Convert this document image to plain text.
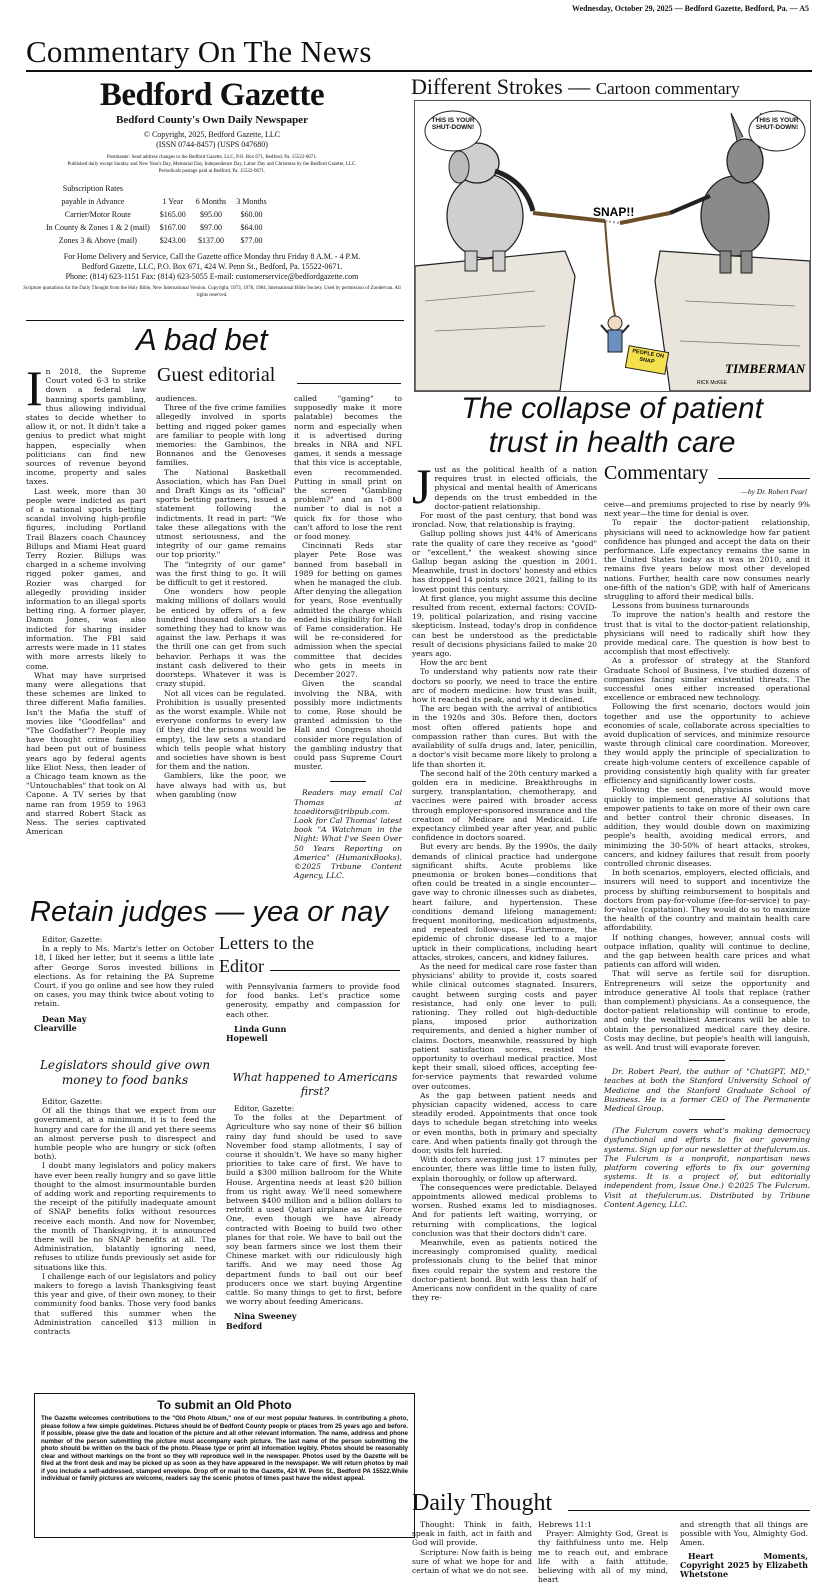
Wednesday, October 29, 2025 — Bedford Gazette, Bedford, Pa. — A5
Commentary On The News
Bedford Gazette
Bedford County's Own Daily Newspaper
© Copyright, 2025, Bedford Gazette, LLC
(ISSN 0744-8457) (USPS 047680)
Postmaster: Send address changes to the Bedford Gazette, LLC, P.O. Box 671, Bedford, Pa. 15522-0671.
Published daily except Sunday and New Year's Day, Memorial Day, Independence Day, Labor Day and Christmas by the Bedford Gazette, LLC.
Periodicals postage paid at Bedford, Pa. 15522-0671.
Subscription Rates			
payable in Advance	1 Year	6 Months	3 Months
Carrier/Motor Route	$165.00	$95.00	$60.00
In County & Zones 1 & 2 (mail)	$167.00	$97.00	$64.00
Zones 3 & Above (mail)	$243.00	$137.00	$77.00
For Home Delivery and Service, Call the Gazette office Monday thru Friday 8 A.M. - 4 P.M.
Bedford Gazette, LLC, P.O. Box 671, 424 W. Penn St., Bedford, Pa. 15522-0671.
Phone: (814) 623-1151 Fax: (814) 623-5055 E-mail: customerservice@bedfordgazette.com
Scripture quotations for the Daily Thought from the Holy Bible, New International Version. Copyright, 1973, 1978, 1984, International Bible Society. Used by permission of Zondervan. All rights reserved.
Different Strokes — Cartoon commentary
THIS IS YOUR SHUT-DOWN!
THIS IS YOUR SHUT-DOWN!
SNAP!!
PEOPLE ON SNAP
TIMBERMAN
RICK McKEE
A bad bet
Guest editorial
I n 2018, the Supreme Court voted 6-3 to strike down a federal law banning sports gambling, thus allowing individual states to decide whether to allow it, or not. It didn't take a genius to predict what might happen, especially when politicians can find new sources of revenue beyond income, property and sales taxes.

Last week, more than 30 people were indicted as part of a national sports betting scandal involving high-profile figures, including Portland Trail Blazers coach Chauncey Billups and Miami Heat guard Terry Rozier. Billups was charged in a scheme involving rigged poker games, and Rozier was charged for allegedly providing insider information to an illegal sports betting ring. A former player, Damon Jones, was also indicted for sharing insider information. The FBI said arrests were made in 11 states with more arrests likely to come.

What may have surprised many were allegations that these schemes are linked to three different Mafia families. Isn't the Mafia the stuff of movies like "Goodfellas" and "The Godfather"? People may have thought crime families had been put out of business years ago by federal agents like Eliot Ness, then leader of a Chicago team known as the "Untouchables" that took on Al Capone. A TV series by that name ran from 1959 to 1963 and starred Robert Stack as Ness. The series captivated American

audiences.

Three of the five crime families allegedly involved in sports betting and rigged poker games are familiar to people with long memories: the Gambinos, the Bonnanos and the Genoveses families.

The National Basketball Association, which has Fan Duel and Draft Kings as its "official" sports betting partners, issued a statement following the indictments. It read in part: "We take these allegations with the utmost seriousness, and the integrity of our game remains our top priority."

The "integrity of our game" was the first thing to go. It will be difficult to get it restored.

One wonders how people making millions of dollars would be enticed by offers of a few hundred thousand dollars to do something they had to know was against the law. Perhaps it was the thrill one can get from such behavior. Perhaps it was the instant cash delivered to their doorsteps. Whatever it was is crazy stupid.

Not all vices can be regulated. Prohibition is usually presented as the worst example. While not everyone conforms to every law (if they did the prisons would be empty), the law sets a standard which tells people what history and societies have shown is best for them and the nation.

Gamblers, like the poor, we have always had with us, but when gambling (now

called "gaming" to supposedly make it more palatable) becomes the norm and especially when it is advertised during breaks in NBA and NFL games, it sends a message that this vice is acceptable, even recommended. Putting in small print on the screen "Gambling problem?" and an 1-800 number to dial is not a quick fix for those who can't afford to lose the rent or food money.

Cincinnati Reds star player Pete Rose was banned from baseball in 1989 for betting on games when he managed the club. After denying the allegation for years, Rose eventually admitted the charge which ended his eligibility for Hall of Fame consideration. He will be re-considered for admission when the special committee that decides who gets in meets in December 2027.

Given the scandal involving the NBA, with possibly more indictments to come, Rose should be granted admission to the Hall and Congress should consider more regulation of the gambling industry that could pass Supreme Court muster.

Readers may email Cal Thomas at tcaeditors@tribpub.com. Look for Cal Thomas' latest book "A Watchman in the Night: What I've Seen Over 50 Years Reporting on America" (HumanixBooks). ©2025 Tribune Content Agency, LLC.

The collapse of patient
trust in health care
J ust as the political health of a nation requires trust in elected officials, the physical and mental health of Americans depends on the trust embedded in the doctor-patient relationship.

For most of the past century, that bond was ironclad. Now, that relationship is fraying.

Gallup polling shows just 44% of Americans rate the quality of care they receive as "good" or "excellent," the weakest showing since Gallup began asking the question in 2001. Meanwhile, trust in doctors' honesty and ethics has dropped 14 points since 2021, falling to its lowest point this century.

At first glance, you might assume this decline resulted from recent, external factors: COVID-19, political polarization, and rising vaccine skepticism. Instead, today's drop in confidence can best be understood as the predictable result of decisions physicians failed to make 20 years ago.

How the arc bent

To understand why patients now rate their doctors so poorly, we need to trace the entire arc of modern medicine: how trust was built, how it reached its peak, and why it declined.

The arc began with the arrival of antibiotics in the 1920s and 30s. Before then, doctors most often offered patients hope and compassion rather than cures. But with the availability of sulfa drugs and, later, penicillin, a doctor's visit became more likely to prolong a life than shorten it.

The second half of the 20th century marked a golden era in medicine. Breakthroughs in surgery, transplantation, chemotherapy, and vaccines were paired with broader access through employer-sponsored insurance and the creation of Medicare and Medicaid. Life expectancy climbed year after year, and public confidence in doctors soared.

But every arc bends. By the 1990s, the daily demands of clinical practice had undergone significant shifts. Acute problems like pneumonia or broken bones—conditions that often could be treated in a single encounter—gave way to chronic illnesses such as diabetes, heart failure, and hypertension. These conditions demand lifelong management: frequent monitoring, medication adjustments, and repeated follow-ups. Furthermore, the epidemic of chronic disease led to a major uptick in their complications, including heart attacks, strokes, cancers, and kidney failures.

As the need for medical care rose faster than physicians' ability to provide it, costs soared while clinical outcomes stagnated. Insurers, caught between surging costs and payer resistance, had only one lever to pull: rationing. They rolled out high-deductible plans, imposed prior authorization requirements, and denied a higher number of claims. Doctors, meanwhile, reassured by high patient satisfaction scores, resisted the opportunity to overhaul medical practice. Most kept their small, siloed offices, accepting fee-for-service payments that rewarded volume over outcomes.

As the gap between patient needs and physician capacity widened, access to care steadily eroded. Appointments that once took days to schedule began stretching into weeks or even months, both in primary and specialty care. And when patients finally got through the door, visits felt hurried.

With doctors averaging just 17 minutes per encounter, there was little time to listen fully, explain thoroughly, or follow up afterward.

The consequences were predictable. Delayed appointments allowed medical problems to worsen. Rushed exams led to misdiagnoses. And for patients left waiting, worrying, or returning with complications, the logical conclusion was that their doctors didn't care.

Meanwhile, even as patients noticed the increasingly compromised quality, medical professionals clung to the belief that minor fixes could repair the system and restore the doctor-patient bond. But with less than half of Americans now confident in the quality of care they re-

Commentary
—by Dr. Robert Pearl

ceive—and premiums projected to rise by nearly 9% next year—the time for denial is over.

To repair the doctor-patient relationship, physicians will need to acknowledge how far patient confidence has plunged and accept the data on their performance. Life expectancy remains the same in the United States today as it was in 2010, and it remains five years below most other developed nations. Further, health care now consumes nearly one-fifth of the nation's GDP, with half of Americans struggling to afford their medical bills.

Lessons from business turnarounds

To improve the nation's health and restore the trust that is vital to the doctor-patient relationship, physicians will need to radically shift how they provide medical care. The question is how best to accomplish that most effectively.

As a professor of strategy at the Stanford Graduate School of Business, I've studied dozens of companies facing similar existential threats. The successful ones either increased operational excellence or embraced new technology.

Following the first scenario, doctors would join together and use the opportunity to achieve economies of scale, collaborate across specialties to avoid duplication of services, and minimize resource waste through clinical care coordination. Moreover, they would apply the principle of specialization to create high-volume centers of excellence capable of providing consistently high quality with far greater efficiency and significantly lower costs.

Following the second, physicians would move quickly to implement generative AI solutions that empower patients to take on more of their own care and better control their chronic diseases. In addition, they would double down on maximizing people's health, avoiding medical errors, and minimizing the 30-50% of heart attacks, strokes, cancers, and kidney failures that result from poorly controlled chronic diseases.

In both scenarios, employers, elected officials, and insurers will need to support and incentivize the process by shifting reimbursement to hospitals and doctors from pay-for-volume (fee-for-service) to pay-for-value (capitation). They would do so to maximize the health of the country and maintain health care affordability.

If nothing changes, however, annual costs will outpace inflation, quality will continue to decline, and the gap between health care prices and what patients can afford will widen.

That will serve as fertile soil for disruption. Entrepreneurs will seize the opportunity and introduce generative AI tools that replace (rather than complement) physicians. As a consequence, the doctor-patient relationship will continue to erode, and only the wealthiest Americans will be able to obtain the personalized medical care they desire. Costs may decline, but people's health will languish, as well. And trust will evaporate forever.

Dr. Robert Pearl, the author of "ChatGPT, MD," teaches at both the Stanford University School of Medicine and the Stanford Graduate School of Business. He is a former CEO of The Permanente Medical Group.

(The Fulcrum covers what's making democracy dysfunctional and efforts to fix our governing systems. Sign up for our newsletter at thefulcrum.us. The Fulcrum is a nonprofit, nonpartisan news platform covering efforts to fix our governing systems. It is a project of, but editorially independent from, Issue One.) ©2025 The Fulcrum. Visit at thefulcrum.us. Distributed by Tribune Content Agency, LLC.

Retain judges — yea or nay

Editor, Gazette:

In a reply to Ms. Martz's letter on October 18, I liked her letter, but it seems a little late after George Soros invested billions in elections. As for retaining the PA Supreme Court, if you go online and see how they ruled on cases, you may think twice about voting to retain.

Dean May
Clearville

Letters to the
Editor

with Pennsylvania farmers to provide food for food banks. Let's practice some generosity, empathy and compassion for each other.

Linda Gunn
Hopewell

Legislators should give own money to food banks

Editor, Gazette:

Of all the things that we expect from our government, at a minimum, it is to feed the hungry and care for the ill and yet there seems an almost perverse push to disrespect and humble people who are hungry or sick (often both).

I doubt many legislators and policy makers have ever been really hungry and so gave little thought to the almost insurmountable burden of adding work and reporting requirements to the receipt of the pitifully inadequate amount of SNAP benefits folks without resources receive each month. And now for November, the month of Thanksgiving, it is announced there will be no SNAP benefits at all. The Administration, blatantly ignoring need, refuses to utilize funds previously set aside for situations like this.

I challenge each of our legislators and policy makers to forego a lavish Thanksgiving feast this year and give, of their own money, to their community food banks. Those very food banks that suffered this summer when the Administration cancelled $13 million in contracts

What happened to Americans first?

Editor, Gazette:

To the folks at the Department of Agriculture who say none of their $6 billion rainy day fund should be used to save November food stamp allotments, I say of course it shouldn't. We have so many higher priorities to take care of first. We have to build a $300 million ballroom for the White House. Argentina needs at least $20 billion from us right away. We'll need somewhere between $400 million and a billion dollars to retrofit a used Qatari airplane as Air Force One, even though we have already contracted with Boeing to build two other planes for that role. We have to bail out the soy bean farmers since we lost them their Chinese market with our ridiculously high tariffs. And we may need those Ag department funds to bail out our beef producers once we start buying Argentine cattle. So many things to get to first, before we worry about feeding Americans.

Nina Sweeney
Bedford

To submit an Old Photo
The Gazette welcomes contributions to the "Old Photo Album," one of our most popular features. In contributing a photo, please follow a few simple guidelines. Pictures should be of Bedford County people or places from 25 years ago and before. If possible, please give the date and location of the picture and all other relevant information. The name, address and phone number of the person submitting the picture must accompany each picture. The last name of the person submitting the photo should be written on the back of the photo. Please type or print all information legibly. Photos should be reasonably clear and without markings on the front so they will reproduce well in the newspaper. Photos used by the Gazette will be filed at the front desk and may be picked up as soon as they have appeared in the newspaper. We will return photos by mail if you include a self-addressed, stamped envelope. Drop off or mail to the Gazette, 424 W. Penn St., Bedford PA 15522.While individual or family pictures are welcome, readers say the scenic photos of times past have the widest appeal.
Daily Thought

Thought: Think in faith, speak in faith, act in faith and God will provide.

Scripture: Now faith is being sure of what we hope for and certain of what we do not see.

Hebrews 11:1

Prayer: Almighty God, Great is thy faithfulness unto me. Help me to reach out, and embrace life with a faith attitude, believing with all of my mind, heart

and strength that all things are possible with You, Almighty God. Amen.

Heart Moments, Copyright 2025 by Elizabeth Whetstone
